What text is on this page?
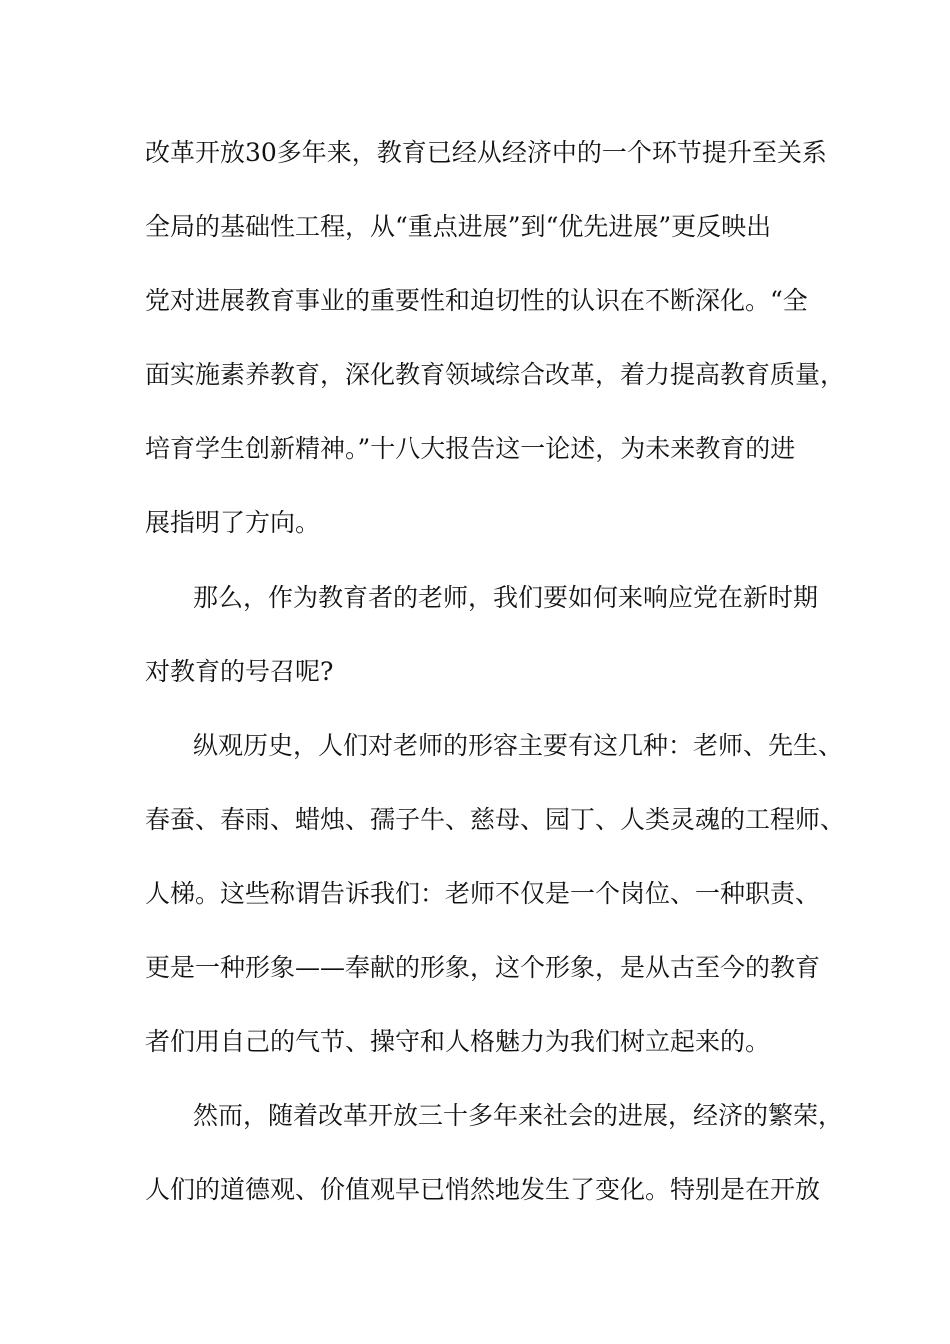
改革开放30多年来，教育已经从经济中的一个环节提升至关系
全局的基础性工程，从“重点进展”到“优先进展”更反映出
党对进展教育事业的重要性和迫切性的认识在不断深化。“全
面实施素养教育，深化教育领域综合改革，着力提高教育质量，
培育学生创新精神。”十八大报告这一论述，为未来教育的进
展指明了方向。
那么，作为教育者的老师，我们要如何来响应党在新时期
对教育的号召呢?
纵观历史，人们对老师的形容主要有这几种：老师、先生、
春蚕、春雨、蜡烛、孺子牛、慈母、园丁、人类灵魂的工程师、
人梯。这些称谓告诉我们：老师不仅是一个岗位、一种职责、
更是一种形象——奉献的形象，这个形象，是从古至今的教育
者们用自己的气节、操守和人格魅力为我们树立起来的。
然而，随着改革开放三十多年来社会的进展，经济的繁荣，
人们的道德观、价值观早已悄然地发生了变化。特别是在开放
